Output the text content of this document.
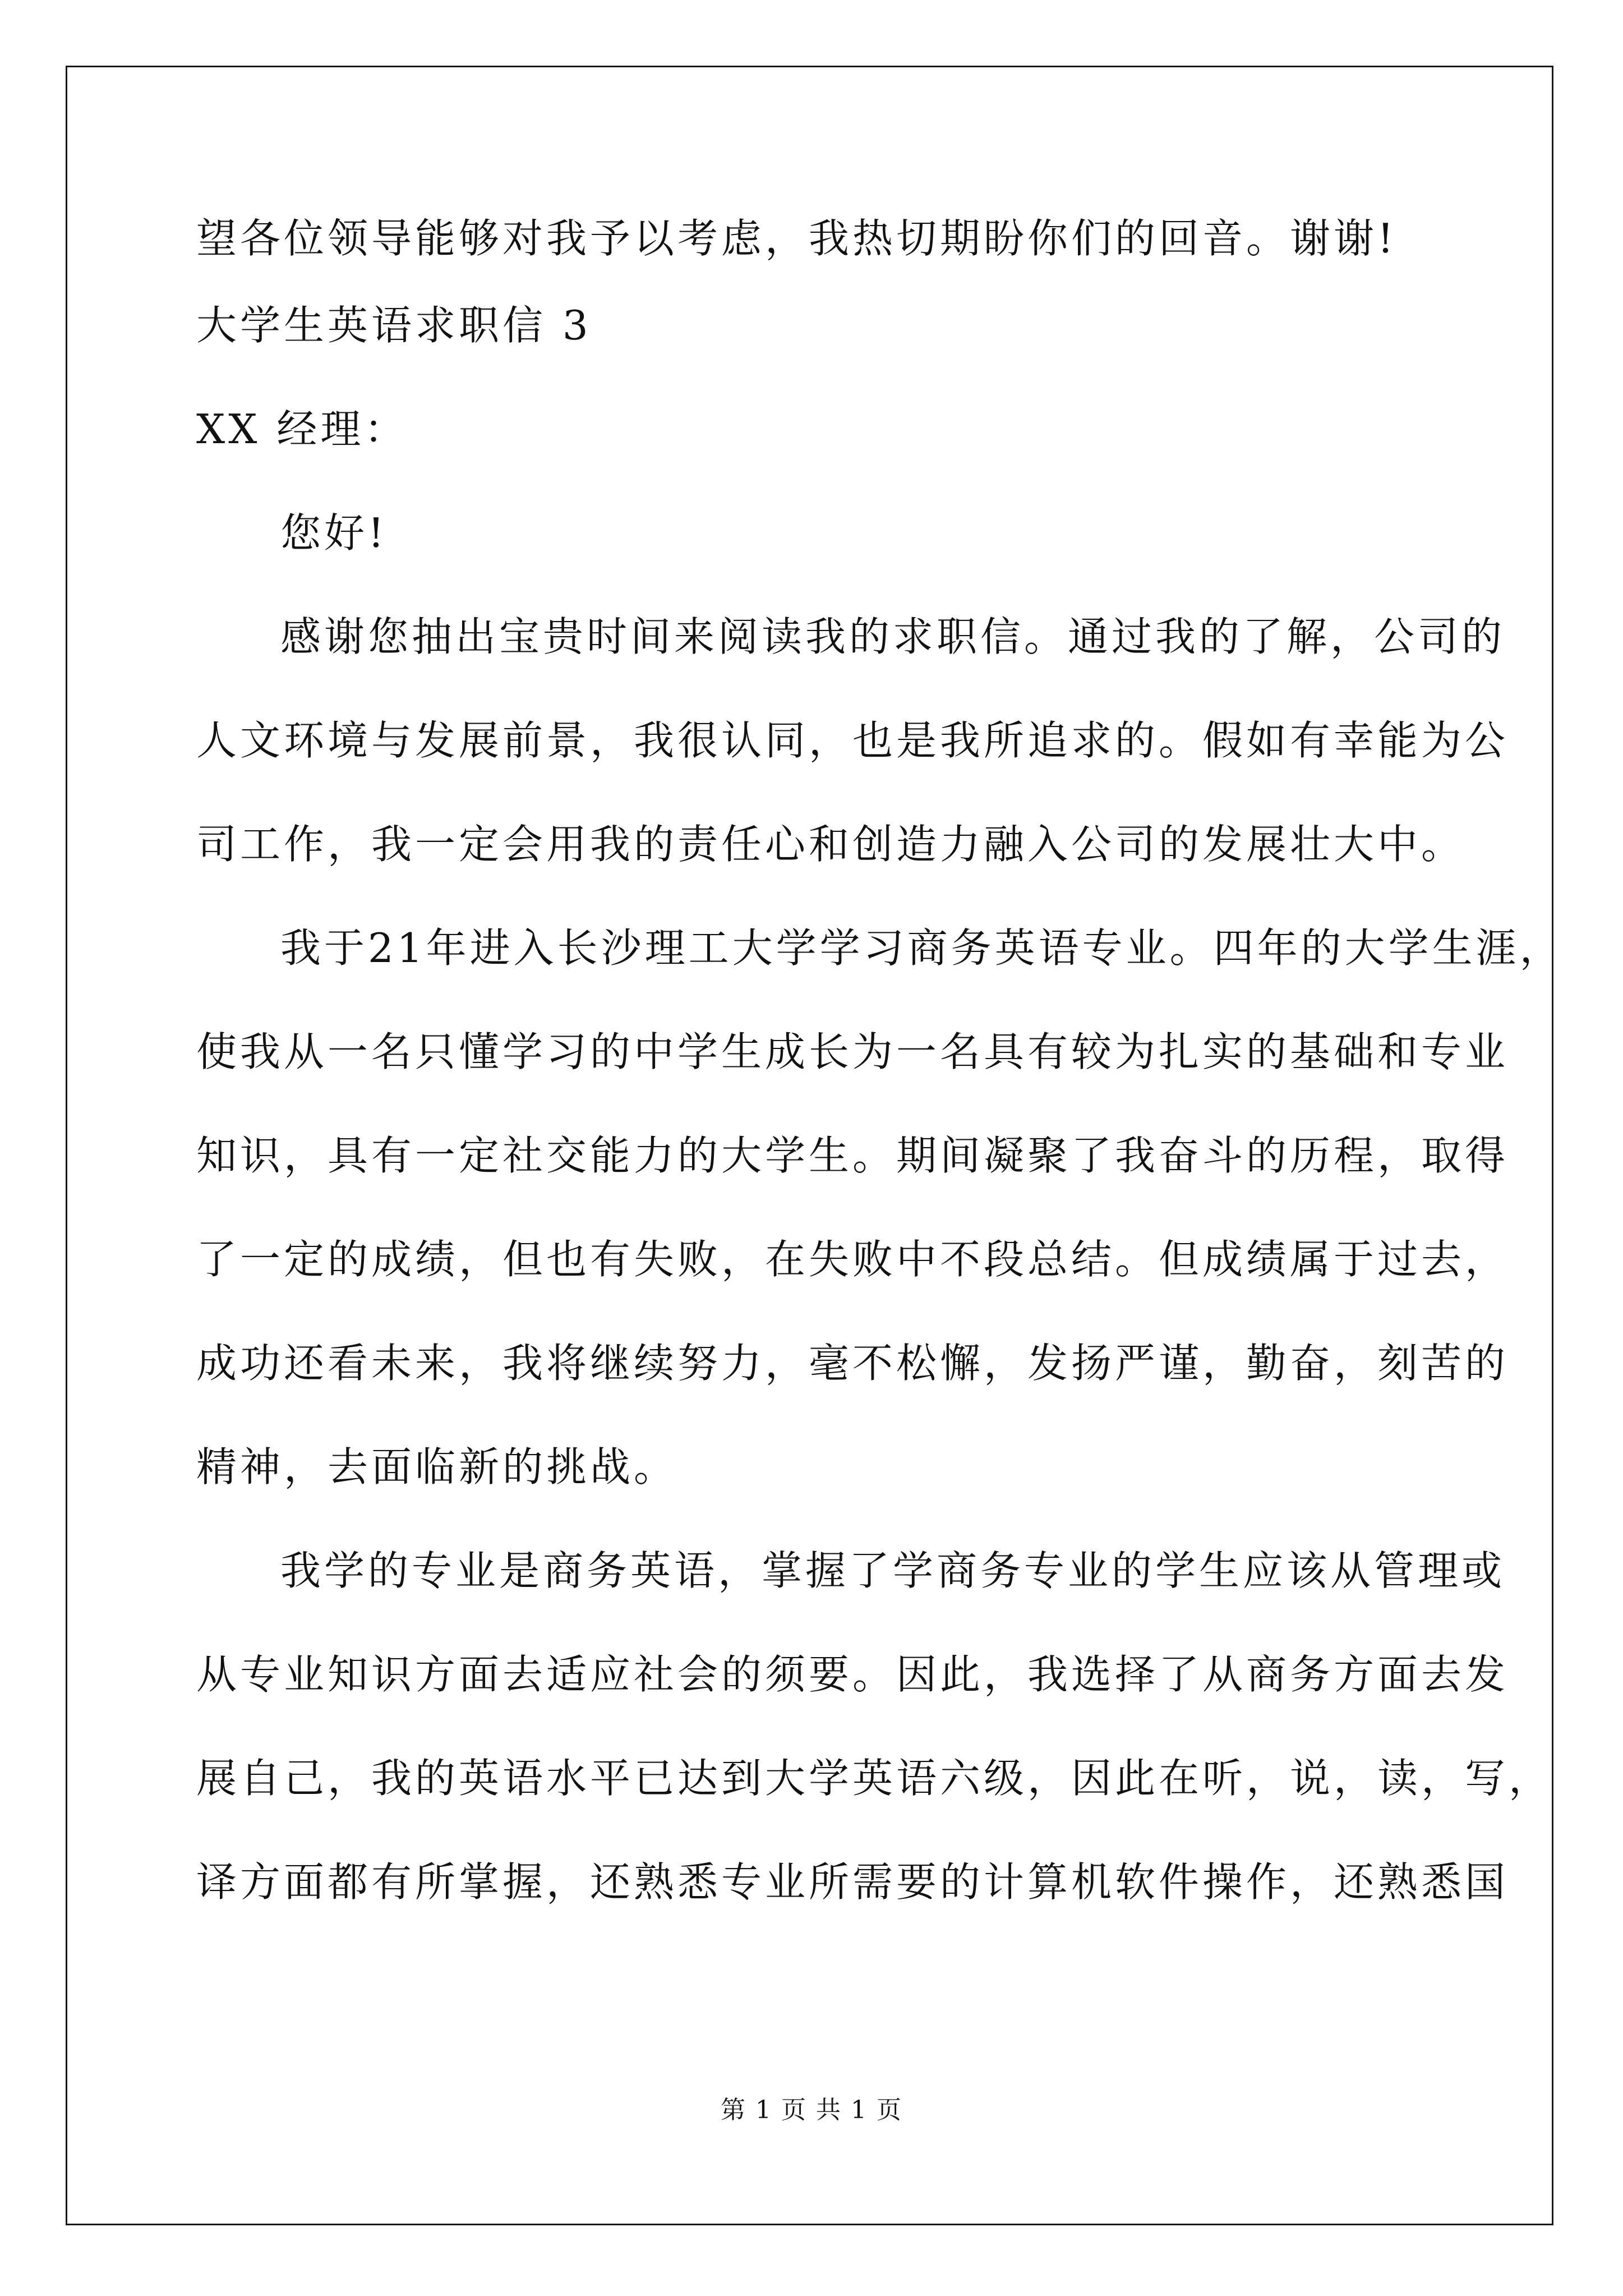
望各位领导能够对我予以考虑，我热切期盼你们的回音。谢谢!
大学生英语求职信 3
XX 经理：
您好!
感谢您抽出宝贵时间来阅读我的求职信。通过我的了解，公司的
人文环境与发展前景，我很认同，也是我所追求的。假如有幸能为公
司工作，我一定会用我的责任心和创造力融入公司的发展壮大中。
我于21年进入长沙理工大学学习商务英语专业。四年的大学生涯，
使我从一名只懂学习的中学生成长为一名具有较为扎实的基础和专业
知识，具有一定社交能力的大学生。期间凝聚了我奋斗的历程，取得
了一定的成绩，但也有失败，在失败中不段总结。但成绩属于过去，
成功还看未来，我将继续努力，毫不松懈，发扬严谨，勤奋，刻苦的
精神，去面临新的挑战。
我学的专业是商务英语，掌握了学商务专业的学生应该从管理或
从专业知识方面去适应社会的须要。因此，我选择了从商务方面去发
展自己，我的英语水平已达到大学英语六级，因此在听，说，读，写，
译方面都有所掌握，还熟悉专业所需要的计算机软件操作，还熟悉国
第 1 页 共 1 页
